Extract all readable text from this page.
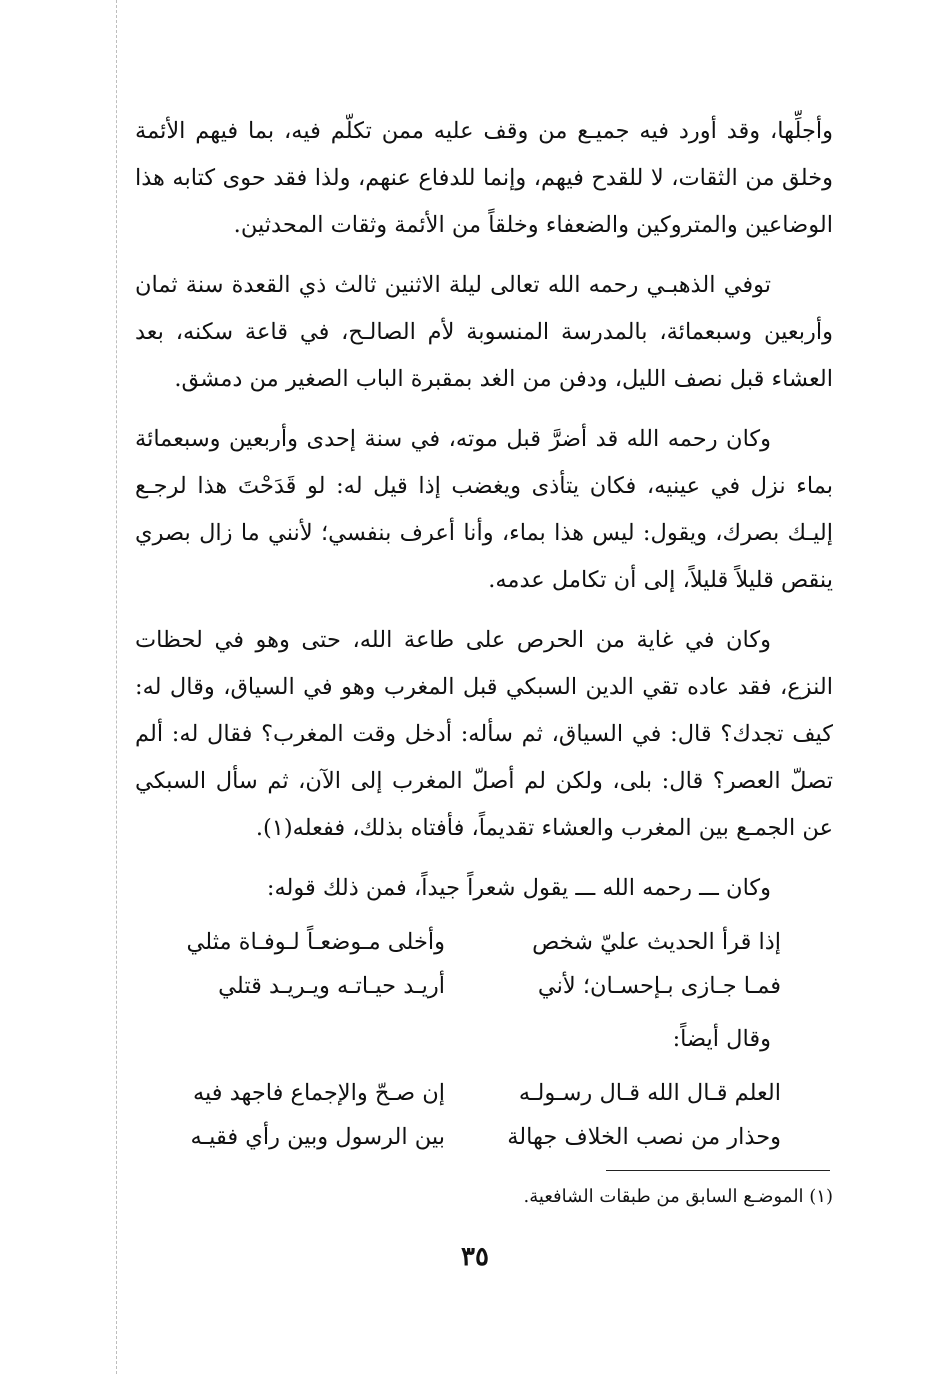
وأجلِّها، وقد أورد فيه جميـع من وقف عليه ممن تكلّم فيه، بما فيهم الأئمة وخلق من الثقات، لا للقدح فيهم، وإنما للدفاع عنهم، ولذا فقد حوى كتابه هذا الوضاعين والمتروكين والضعفاء وخلقاً من الأئمة وثقات المحدثين.

توفي الذهبـي رحمه الله تعالى ليلة الاثنين ثالث ذي القعدة سنة ثمان وأربعين وسبعمائة، بالمدرسة المنسوبة لأم الصالـح، في قاعة سكنه، بعد العشاء قبل نصف الليل، ودفن من الغد بمقبرة الباب الصغير من دمشق.

وكان رحمه الله قد أضرَّ قبل موته، في سنة إحدى وأربعين وسبعمائة بماء نزل في عينيه، فكان يتأذى ويغضب إذا قيل له: لو قَدَحْتَ هذا لرجـع إليـك بصرك، ويقول: ليس هذا بماء، وأنا أعرف بنفسي؛ لأنني ما زال بصري ينقص قليلاً قليلاً، إلى أن تكامل عدمه.

وكان في غاية من الحرص على طاعة الله، حتى وهو في لحظات النزع، فقد عاده تقي الدين السبكي قبل المغرب وهو في السياق، وقال له: كيف تجدك؟ قال: في السياق، ثم سأله: أدخل وقت المغرب؟ فقال له: ألم تصلّ العصر؟ قال: بلى، ولكن لم أصلّ المغرب إلى الآن، ثم سأل السبكي عن الجمـع بين المغرب والعشاء تقديماً، فأفتاه بذلك، ففعله(١).

وكان ـــ رحمه الله ـــ يقول شعراً جيداً، فمن ذلك قوله:

إذا قرأ الحديث عليّ شخص
وأخلى مـوضعـاً لـوفـاة مثلي
فمـا جـازى بـإحسـان؛ لأني
أريـد حيـاتـه ويـريـد قتلي

وقال أيضاً:

العلم قـال الله قـال رسـولـه
إن صـحّ والإجماع فاجهد فيه
وحذار من نصب الخلاف جهالة
بين الرسول وبين رأي فقيـه
(١) الموضـع السابق من طبقات الشافعية.
٣٥
